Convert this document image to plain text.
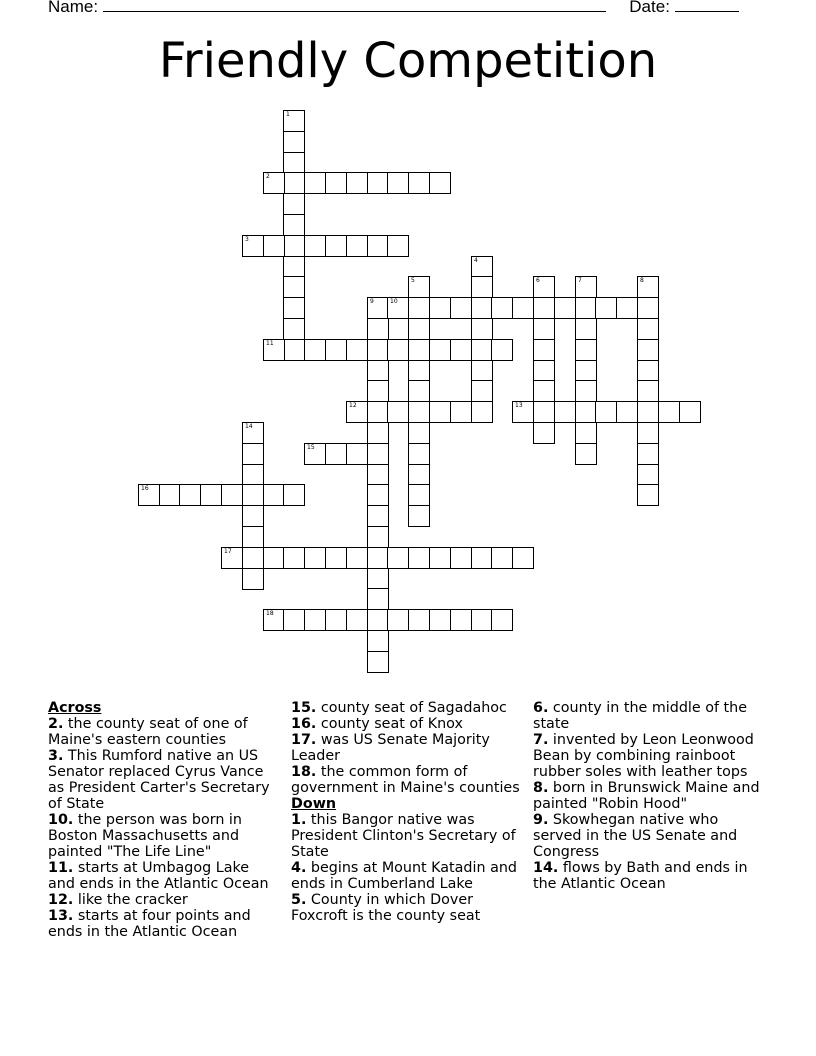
Name:	Date:
Friendly Competition
1
2
3
4
5	6	7	8
9	10
11
12	13
14
15
16
17
18
Across
2. the county seat of one of Maine's eastern counties
3. This Rumford native an US Senator replaced Cyrus Vance as President Carter's Secretary of State
10. the person was born in Boston Massachusetts and painted "The Life Line"
11. starts at Umbagog Lake and ends in the Atlantic Ocean
12. like the cracker
13. starts at four points and ends in the Atlantic Ocean
15. county seat of Sagadahoc
16. county seat of Knox
17. was US Senate Majority Leader
18. the common form of government in Maine's counties
Down
1. this Bangor native was President Clinton's Secretary of State
4. begins at Mount Katadin and ends in Cumberland Lake
5. County in which Dover Foxcroft is the county seat
6. county in the middle of the state
7. invented by Leon Leonwood Bean by combining rainboot rubber soles with leather tops
8. born in Brunswick Maine and painted "Robin Hood"
9. Skowhegan native who served in the US Senate and Congress
14. flows by Bath and ends in the Atlantic Ocean
